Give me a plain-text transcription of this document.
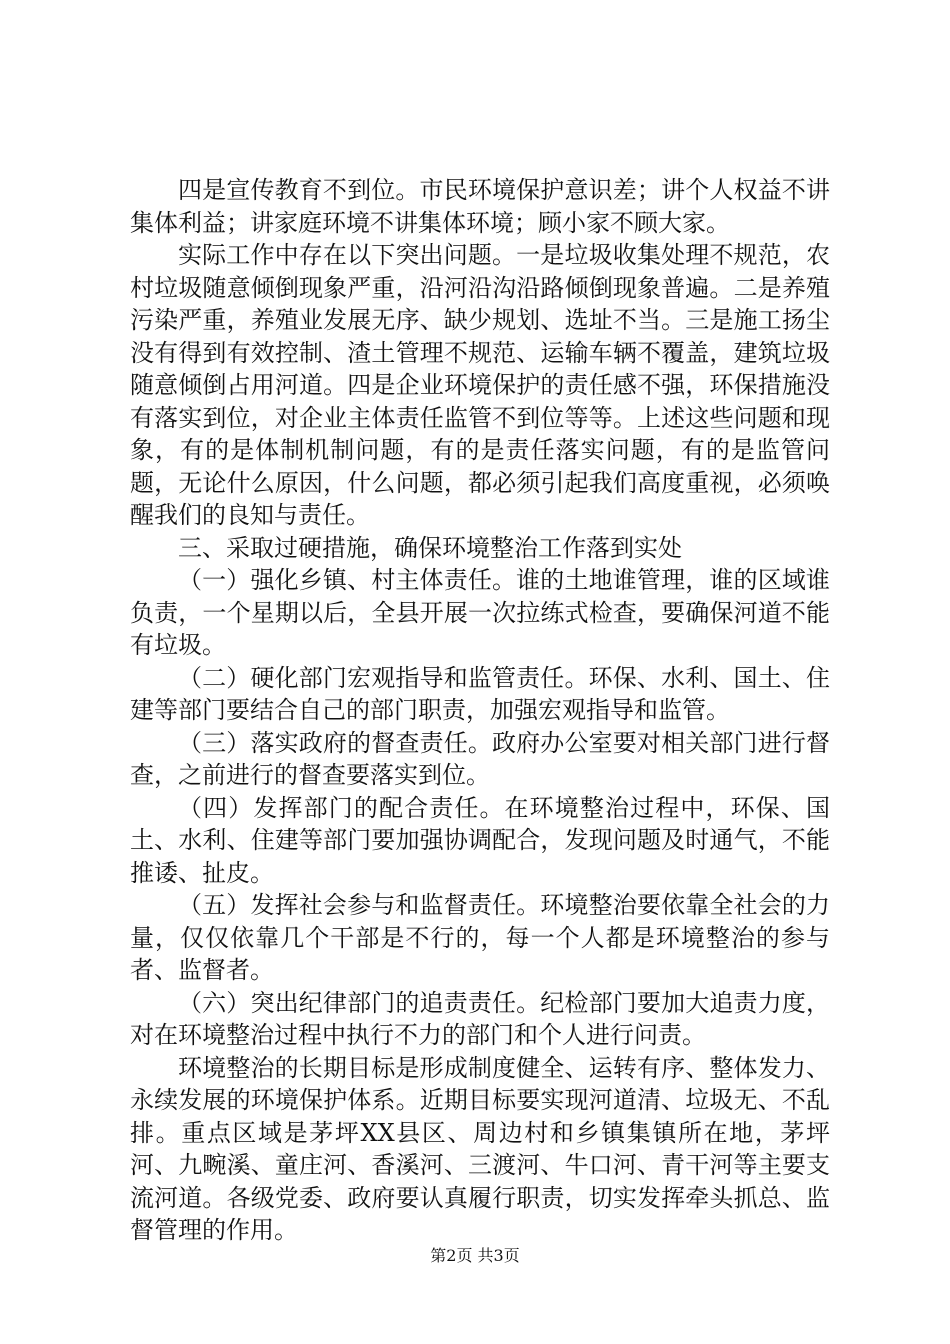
四是宣传教育不到位。市民环境保护意识差；讲个人权益不讲集体利益；讲家庭环境不讲集体环境；顾小家不顾大家。

实际工作中存在以下突出问题。一是垃圾收集处理不规范，农村垃圾随意倾倒现象严重，沿河沿沟沿路倾倒现象普遍。二是养殖污染严重，养殖业发展无序、缺少规划、选址不当。三是施工扬尘没有得到有效控制、渣土管理不规范、运输车辆不覆盖，建筑垃圾随意倾倒占用河道。四是企业环境保护的责任感不强，环保措施没有落实到位，对企业主体责任监管不到位等等。上述这些问题和现象，有的是体制机制问题，有的是责任落实问题，有的是监管问题，无论什么原因，什么问题，都必须引起我们高度重视，必须唤醒我们的良知与责任。

三、采取过硬措施，确保环境整治工作落到实处

（一）强化乡镇、村主体责任。谁的土地谁管理，谁的区域谁负责，一个星期以后，全县开展一次拉练式检查，要确保河道不能有垃圾。

（二）硬化部门宏观指导和监管责任。环保、水利、国土、住建等部门要结合自己的部门职责，加强宏观指导和监管。

（三）落实政府的督查责任。政府办公室要对相关部门进行督查，之前进行的督查要落实到位。

（四）发挥部门的配合责任。在环境整治过程中，环保、国土、水利、住建等部门要加强协调配合，发现问题及时通气，不能推诿、扯皮。

（五）发挥社会参与和监督责任。环境整治要依靠全社会的力量，仅仅依靠几个干部是不行的，每一个人都是环境整治的参与者、监督者。

（六）突出纪律部门的追责责任。纪检部门要加大追责力度，对在环境整治过程中执行不力的部门和个人进行问责。

环境整治的长期目标是形成制度健全、运转有序、整体发力、永续发展的环境保护体系。近期目标要实现河道清、垃圾无、不乱排。重点区域是茅坪XX县区、周边村和乡镇集镇所在地，茅坪河、九畹溪、童庄河、香溪河、三渡河、牛口河、青干河等主要支流河道。各级党委、政府要认真履行职责，切实发挥牵头抓总、监督管理的作用。

第2页 共3页
